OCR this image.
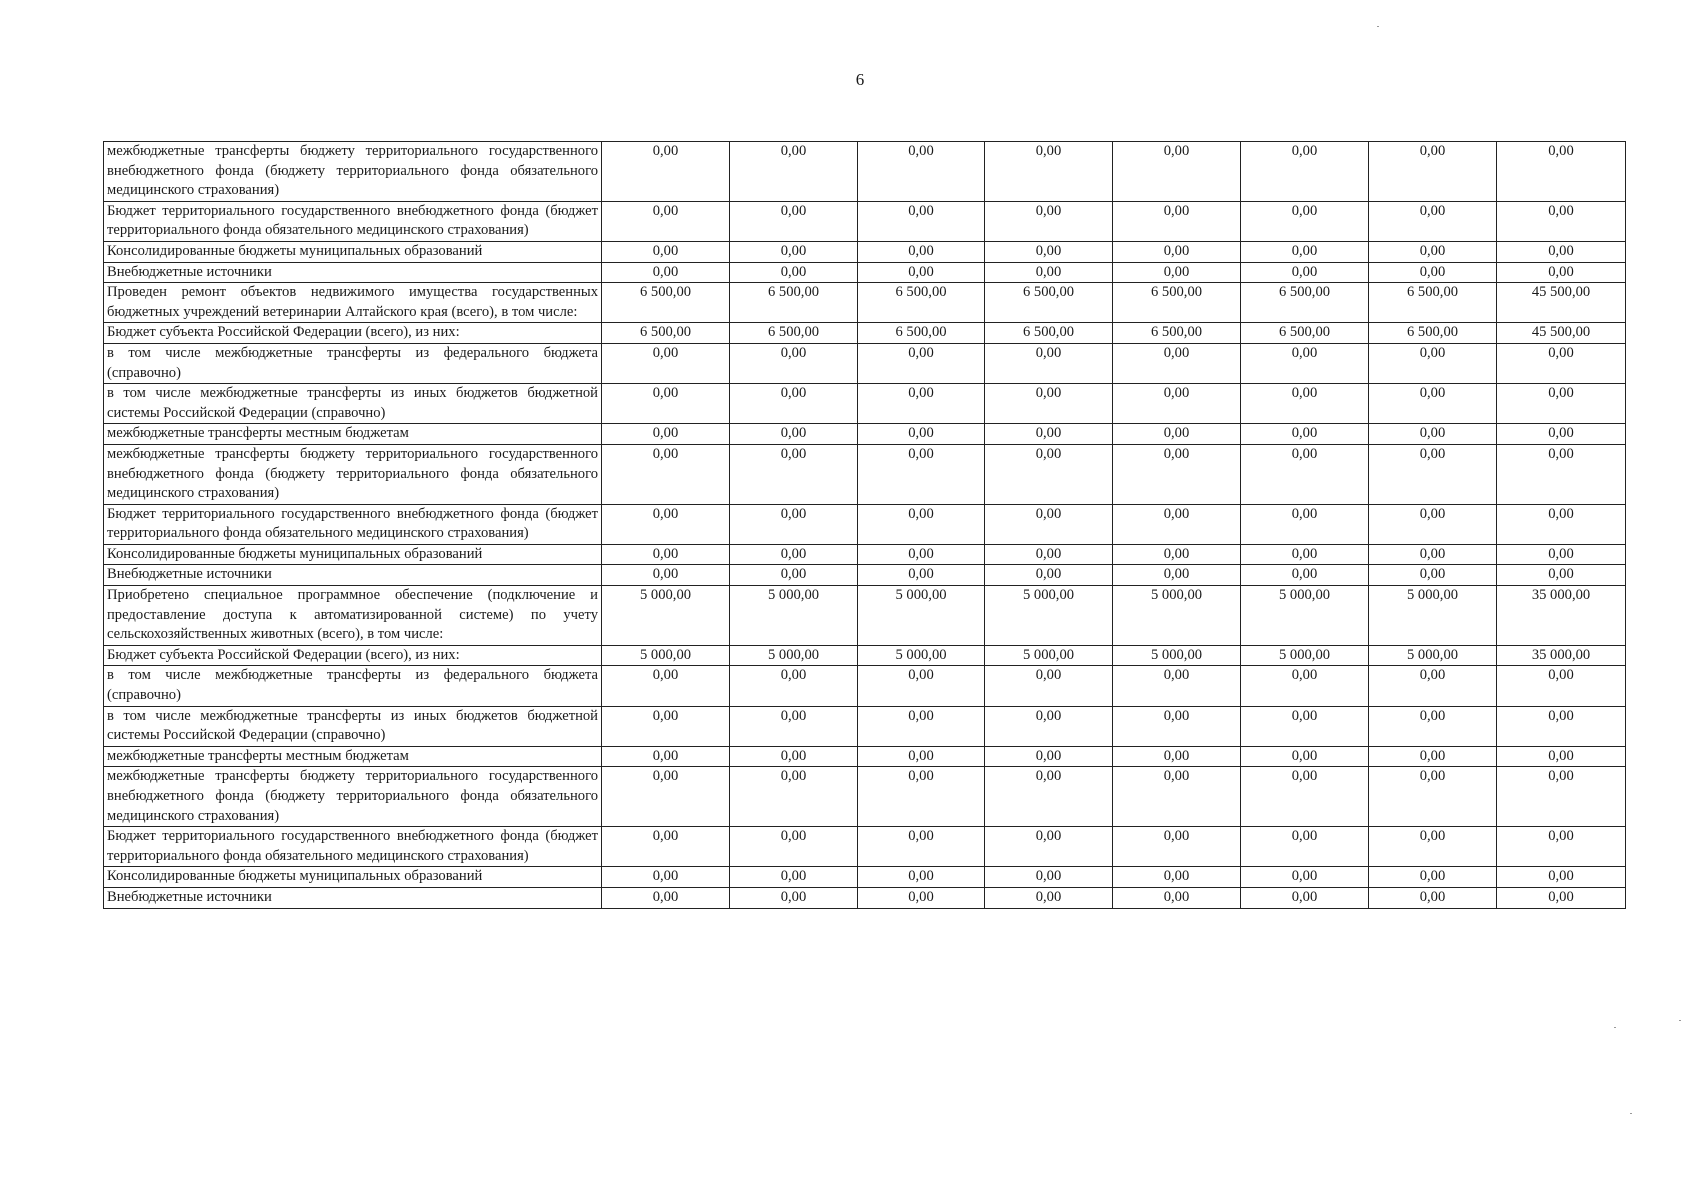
6
межбюджетные трансферты бюджету территориального государственного внебюджетного фонда (бюджету территориального фонда обязательного медицинского страхования)	0,00	0,00	0,00	0,00	0,00	0,00	0,00	0,00
Бюджет территориального государственного внебюджетного фонда (бюджет территориального фонда обязательного медицинского страхования)	0,00	0,00	0,00	0,00	0,00	0,00	0,00	0,00
Консолидированные бюджеты муниципальных образований	0,00	0,00	0,00	0,00	0,00	0,00	0,00	0,00
Внебюджетные источники	0,00	0,00	0,00	0,00	0,00	0,00	0,00	0,00
Проведен ремонт объектов недвижимого имущества государственных бюджетных учреждений ветеринарии Алтайского края (всего), в том числе:	6 500,00	6 500,00	6 500,00	6 500,00	6 500,00	6 500,00	6 500,00	45 500,00
Бюджет субъекта Российской Федерации (всего), из них:	6 500,00	6 500,00	6 500,00	6 500,00	6 500,00	6 500,00	6 500,00	45 500,00
в том числе межбюджетные трансферты из федерального бюджета (справочно)	0,00	0,00	0,00	0,00	0,00	0,00	0,00	0,00
в том числе межбюджетные трансферты из иных бюджетов бюджетной системы Российской Федерации (справочно)	0,00	0,00	0,00	0,00	0,00	0,00	0,00	0,00
межбюджетные трансферты местным бюджетам	0,00	0,00	0,00	0,00	0,00	0,00	0,00	0,00
межбюджетные трансферты бюджету территориального государственного внебюджетного фонда (бюджету территориального фонда обязательного медицинского страхования)	0,00	0,00	0,00	0,00	0,00	0,00	0,00	0,00
Бюджет территориального государственного внебюджетного фонда (бюджет территориального фонда обязательного медицинского страхования)	0,00	0,00	0,00	0,00	0,00	0,00	0,00	0,00
Консолидированные бюджеты муниципальных образований	0,00	0,00	0,00	0,00	0,00	0,00	0,00	0,00
Внебюджетные источники	0,00	0,00	0,00	0,00	0,00	0,00	0,00	0,00
Приобретено специальное программное обеспечение (подключение и предоставление доступа к автоматизированной системе) по учету сельскохозяйственных животных (всего), в том числе:	5 000,00	5 000,00	5 000,00	5 000,00	5 000,00	5 000,00	5 000,00	35 000,00
Бюджет субъекта Российской Федерации (всего), из них:	5 000,00	5 000,00	5 000,00	5 000,00	5 000,00	5 000,00	5 000,00	35 000,00
в том числе межбюджетные трансферты из федерального бюджета (справочно)	0,00	0,00	0,00	0,00	0,00	0,00	0,00	0,00
в том числе межбюджетные трансферты из иных бюджетов бюджетной системы Российской Федерации (справочно)	0,00	0,00	0,00	0,00	0,00	0,00	0,00	0,00
межбюджетные трансферты местным бюджетам	0,00	0,00	0,00	0,00	0,00	0,00	0,00	0,00
межбюджетные трансферты бюджету территориального государственного внебюджетного фонда (бюджету территориального фонда обязательного медицинского страхования)	0,00	0,00	0,00	0,00	0,00	0,00	0,00	0,00
Бюджет территориального государственного внебюджетного фонда (бюджет территориального фонда обязательного медицинского страхования)	0,00	0,00	0,00	0,00	0,00	0,00	0,00	0,00
Консолидированные бюджеты муниципальных образований	0,00	0,00	0,00	0,00	0,00	0,00	0,00	0,00
Внебюджетные источники	0,00	0,00	0,00	0,00	0,00	0,00	0,00	0,00
